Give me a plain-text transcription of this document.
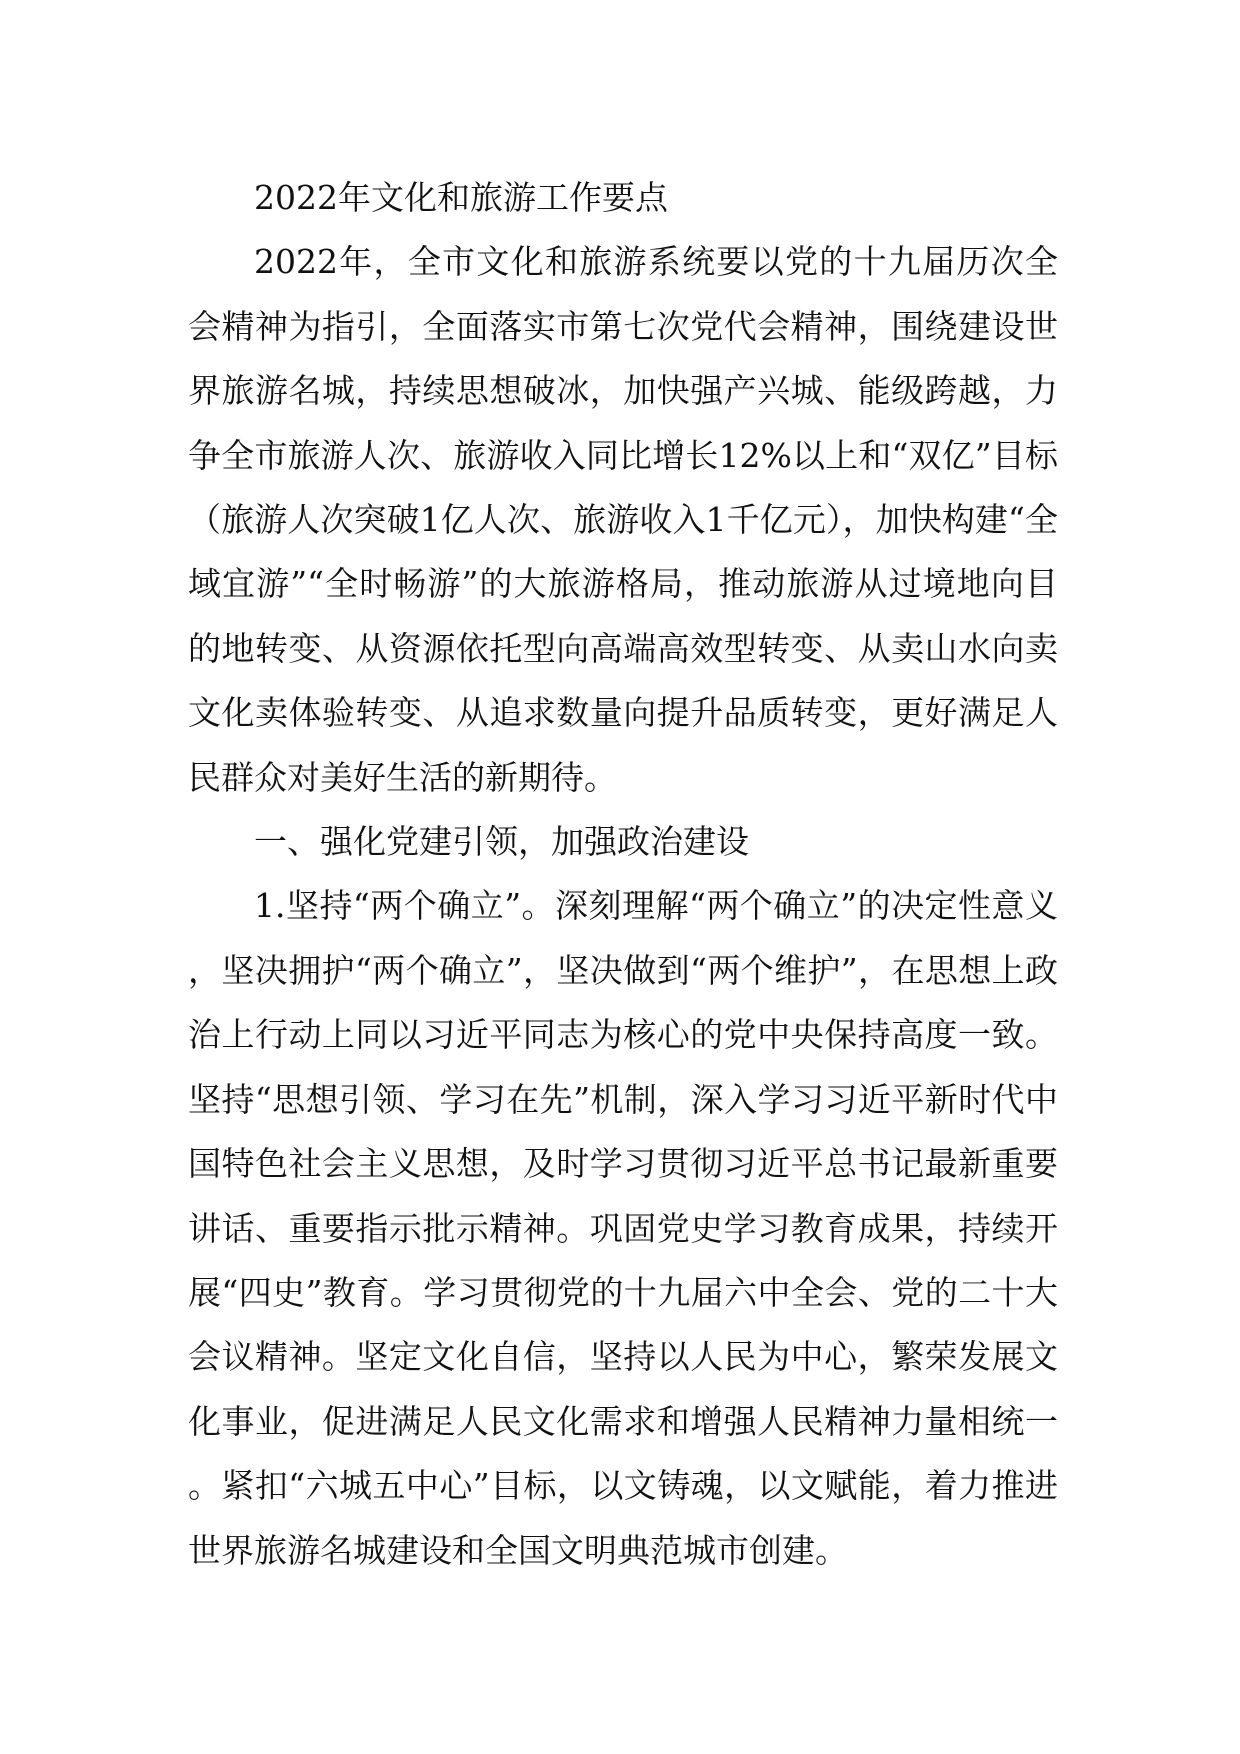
2022年文化和旅游工作要点

2022年，全市文化和旅游系统要以党的十九届历次全会精神为指引，全面落实市第七次党代会精神，围绕建设世界旅游名城，持续思想破冰，加快强产兴城、能级跨越，力争全市旅游人次、旅游收入同比增长12%以上和“双亿”目标（旅游人次突破1亿人次、旅游收入1千亿元），加快构建“全域宜游”“全时畅游”的大旅游格局，推动旅游从过境地向目的地转变、从资源依托型向高端高效型转变、从卖山水向卖文化卖体验转变、从追求数量向提升品质转变，更好满足人民群众对美好生活的新期待。

一、强化党建引领，加强政治建设

1.坚持“两个确立”。深刻理解“两个确立”的决定性意义，坚决拥护“两个确立”，坚决做到“两个维护”，在思想上政治上行动上同以习近平同志为核心的党中央保持高度一致。坚持“思想引领、学习在先”机制，深入学习习近平新时代中国特色社会主义思想，及时学习贯彻习近平总书记最新重要讲话、重要指示批示精神。巩固党史学习教育成果，持续开展“四史”教育。学习贯彻党的十九届六中全会、党的二十大会议精神。坚定文化自信，坚持以人民为中心，繁荣发展文化事业，促进满足人民文化需求和增强人民精神力量相统一。紧扣“六城五中心”目标，以文铸魂，以文赋能，着力推进世界旅游名城建设和全国文明典范城市创建。
